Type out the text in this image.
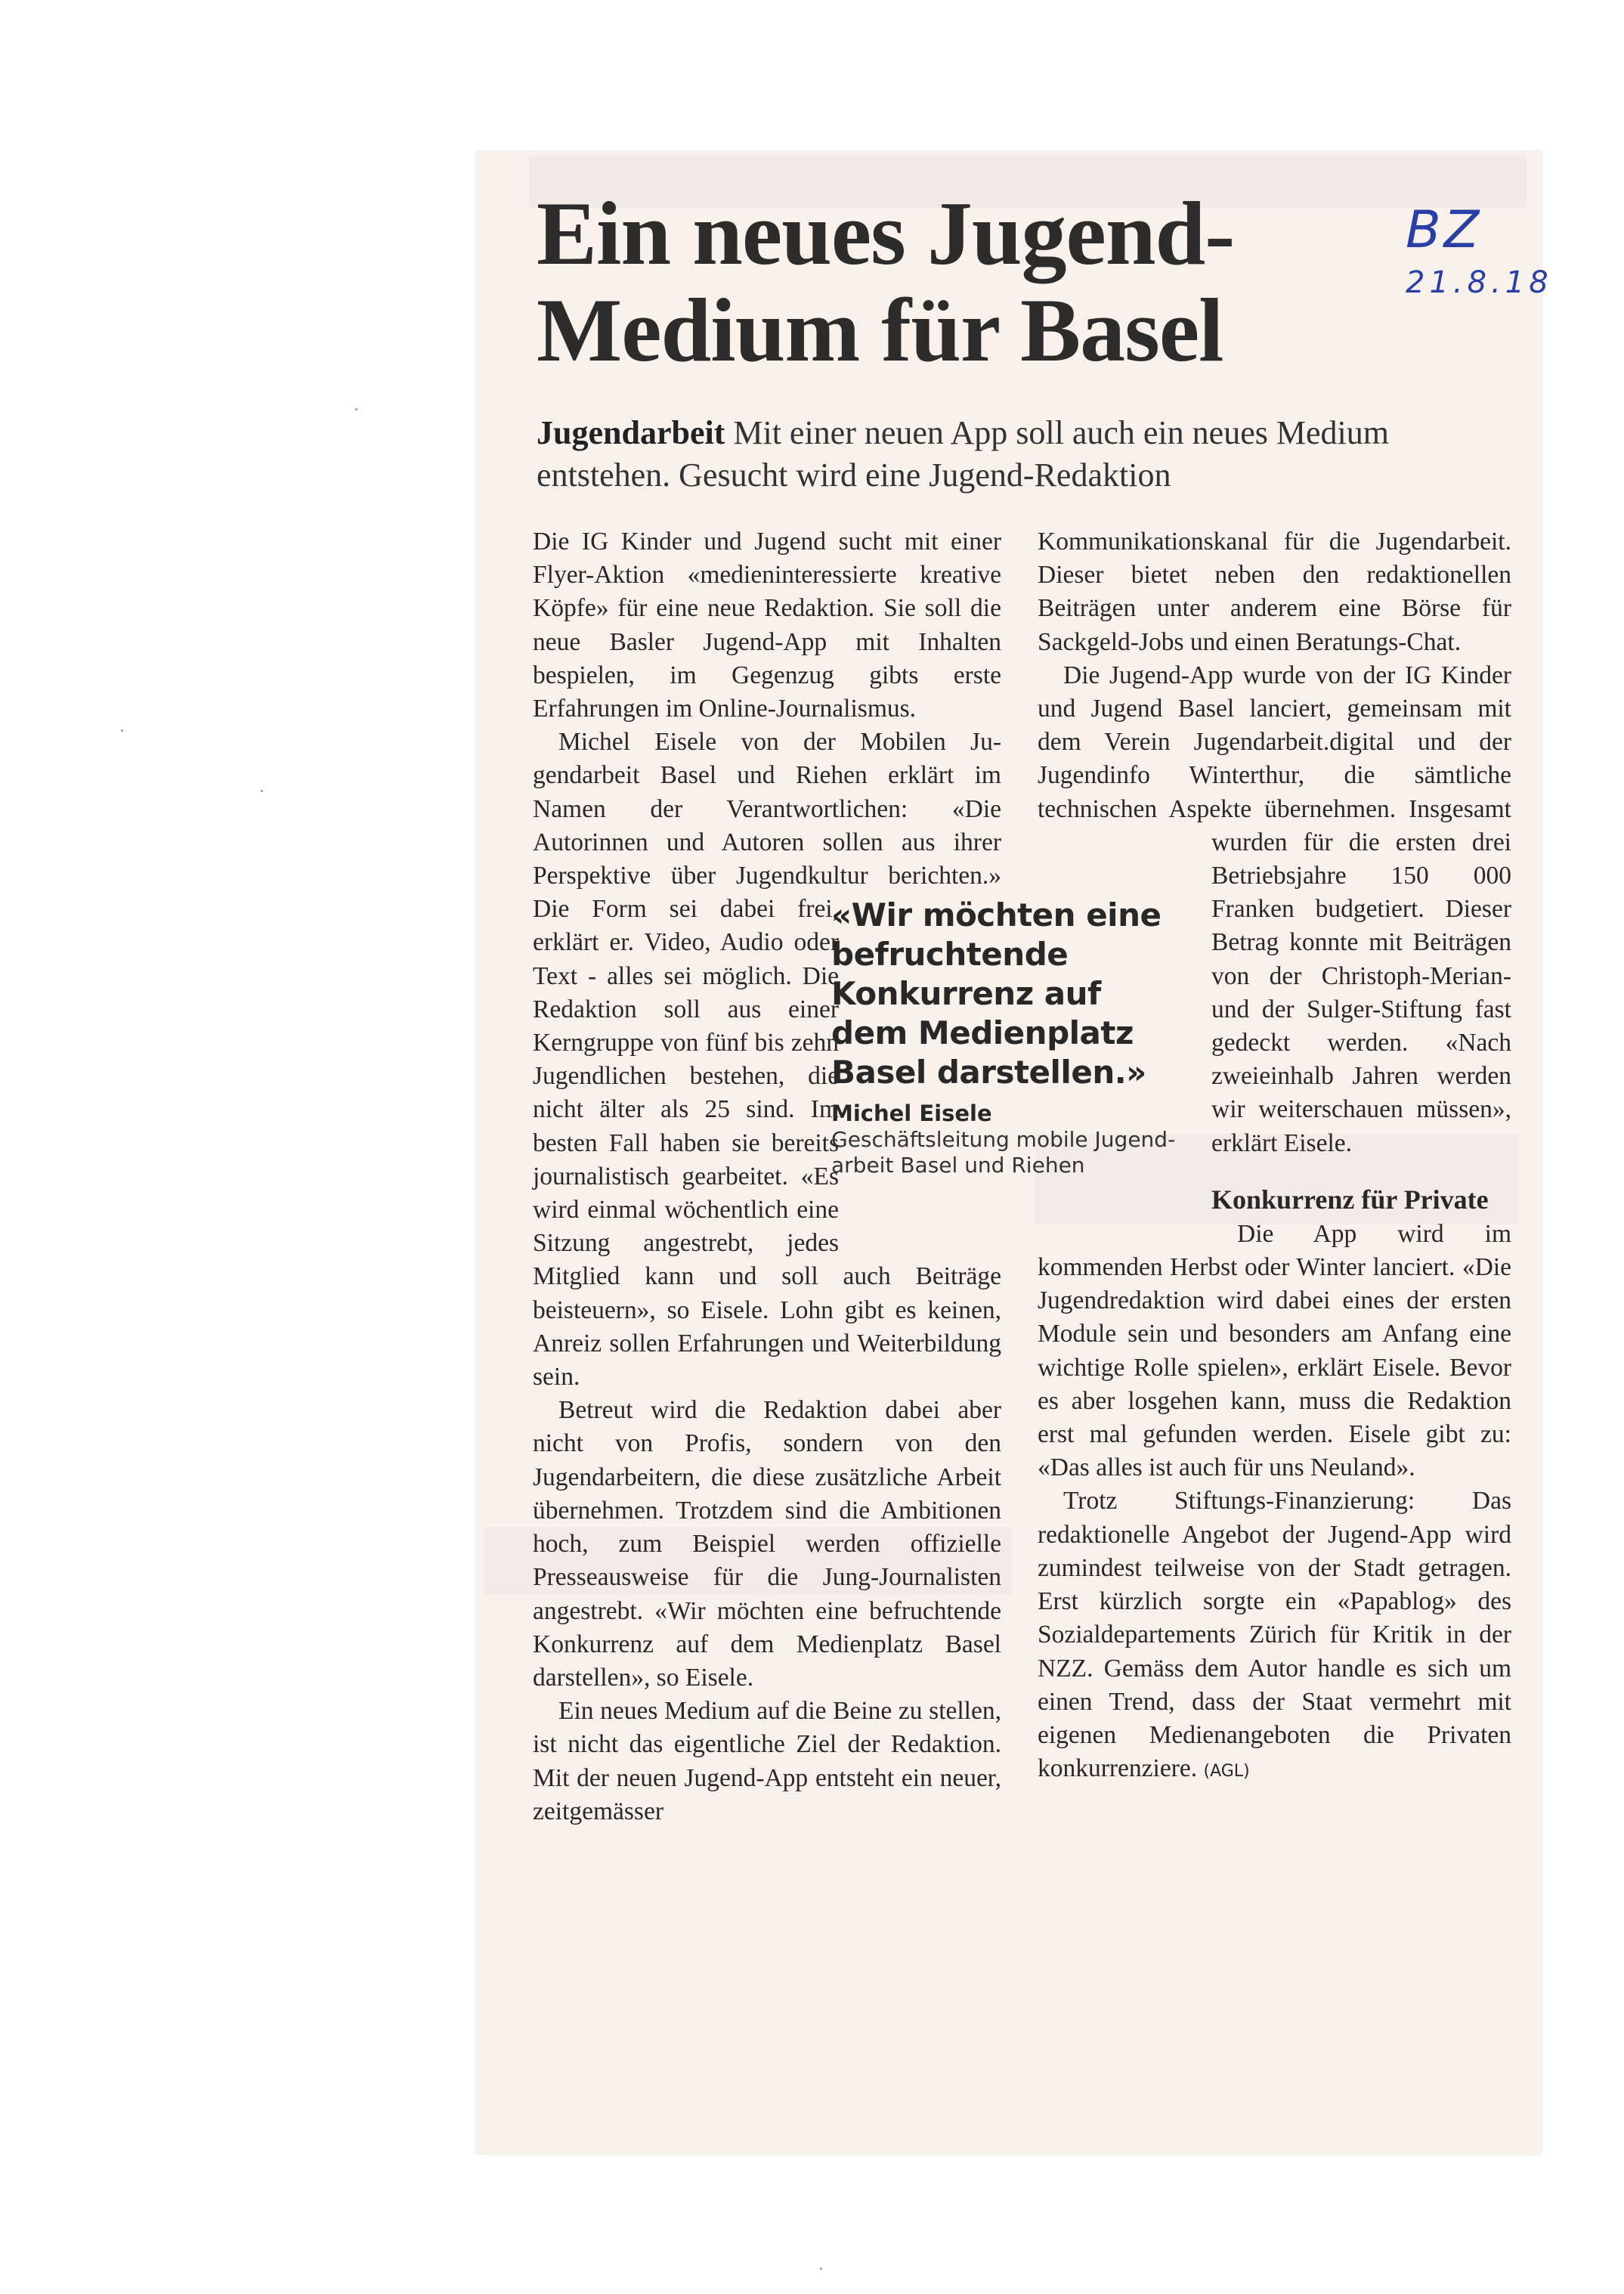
Ein neues Jugend-
Medium für Basel
BZ
21.8.18

Jugendarbeit Mit einer neuen App soll auch ein neues Medium entstehen. Gesucht wird eine Jugend-Redaktion

Die IG Kinder und Jugend sucht mit einer Flyer-Aktion «medieninteressierte kreative Köpfe» für eine neue Redaktion. Sie soll die neue Basler Jugend-App mit Inhalten bespielen, im Gegenzug gibts erste Erfahrungen im Online-Journalismus.

Michel Eisele von der Mobilen Jugendarbeit Basel und Riehen erklärt im Namen der Verantwortlichen: «Die Autorinnen und Autoren sollen aus ihrer Perspektive über Jugendkultur berichten.» Die Form sei dabei frei, erklärt er. Video, Audio oder Text - alles sei möglich. Die Redaktion soll aus einer Kerngruppe von fünf bis zehn Jugendlichen bestehen, die nicht älter als 25 sind. Im besten Fall haben sie bereits journalistisch gearbeitet. «Es wird einmal wöchentlich eine Sitzung angestrebt, jedes Mitglied kann und soll auch Beiträge beisteuern», so Eisele. Lohn gibt es keinen, Anreiz sollen Erfahrungen und Weiterbildung sein.

Betreut wird die Redaktion dabei aber nicht von Profis, sondern von den Jugendarbeitern, die diese zusätzliche Arbeit übernehmen. Trotzdem sind die Ambitionen hoch, zum Beispiel werden offizielle Presseausweise für die Jung-Journalisten angestrebt. «Wir möchten eine befruchtende Konkurrenz auf dem Medienplatz Basel darstellen», so Eisele.

Ein neues Medium auf die Beine zu stellen, ist nicht das eigentliche Ziel der Redaktion. Mit der neuen Jugend-App entsteht ein neuer, zeitgemässer

«Wir möchten eine befruchtende Konkurrenz auf dem Medienplatz Basel darstellen.»

Michel Eisele

Geschäftsleitung mobile Jugendarbeit Basel und Riehen

Kommunikationskanal für die Jugendarbeit. Dieser bietet neben den redaktionellen Beiträgen unter anderem eine Börse für Sackgeld-Jobs und einen Beratungs-Chat.

Die Jugend-App wurde von der IG Kinder und Jugend Basel lanciert, gemeinsam mit dem Verein Jugendarbeit.digital und der Jugendinfo Winterthur, die sämtliche technischen Aspekte übernehmen. Insgesamt wurden für die ersten drei Betriebsjahre 150 000 Franken budgetiert. Dieser Betrag konnte mit Beiträgen von der Christoph-Merian- und der Sulger-Stiftung fast gedeckt werden. «Nach zweieinhalb Jahren werden wir weiterschauen müssen», erklärt Eisele.

Konkurrenz für Private

Die App wird im kommenden Herbst oder Winter lanciert. «Die Jugendredaktion wird dabei eines der ersten Module sein und besonders am Anfang eine wichtige Rolle spielen», erklärt Eisele. Bevor es aber losgehen kann, muss die Redaktion erst mal gefunden werden. Eisele gibt zu: «Das alles ist auch für uns Neuland».

Trotz Stiftungs-Finanzierung: Das redaktionelle Angebot der Jugend-App wird zumindest teilweise von der Stadt getragen. Erst kürzlich sorgte ein «Papablog» des Sozialdepartements Zürich für Kritik in der NZZ. Gemäss dem Autor handle es sich um einen Trend, dass der Staat vermehrt mit eigenen Medienangeboten die Privaten konkurrenziere. (AGL)
